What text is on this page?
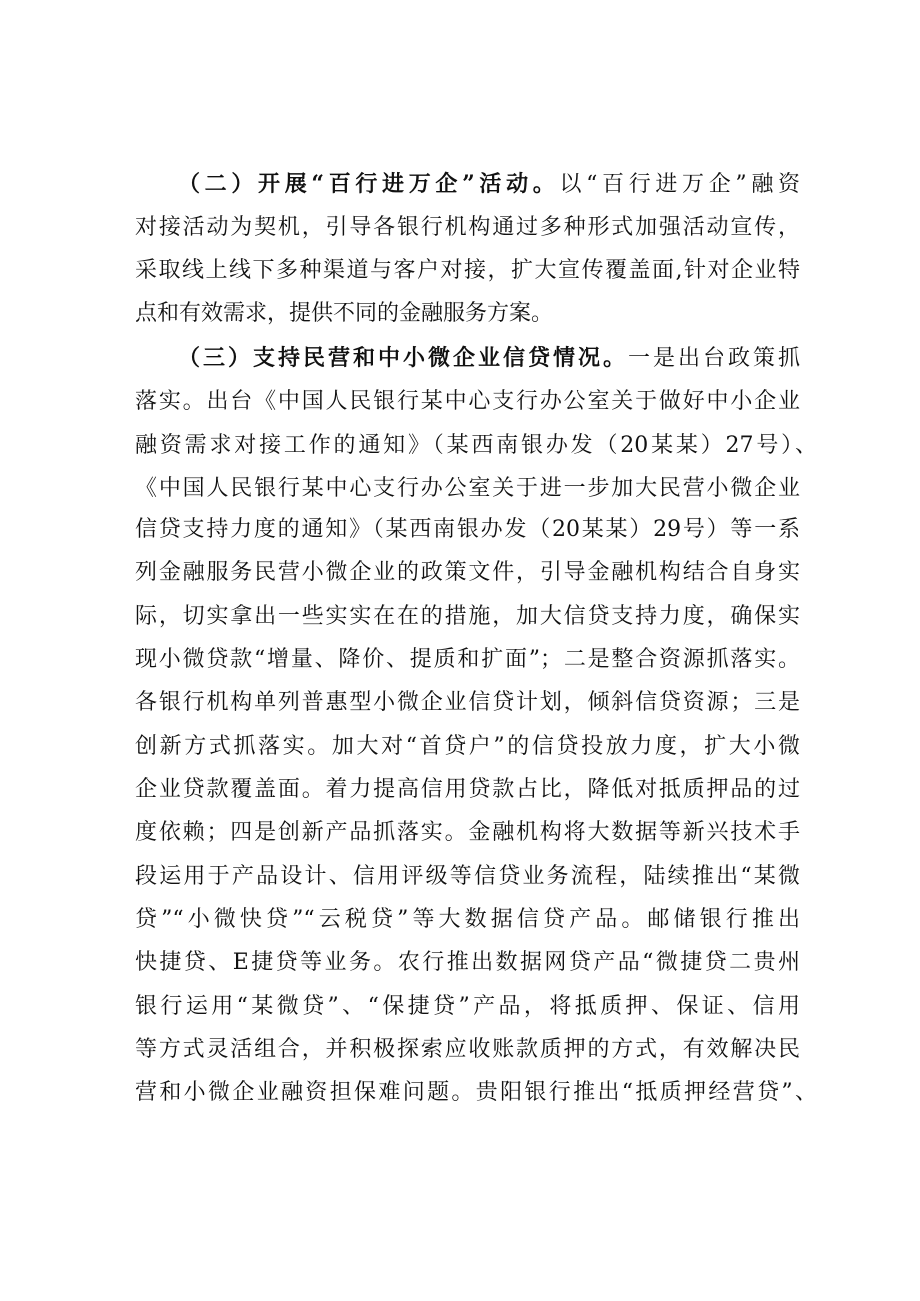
（二）开展“百行进万企”活动。以“百行进万企”融资
对接活动为契机，引导各银行机构通过多种形式加强活动宣传，
采取线上线下多种渠道与客户对接，扩大宣传覆盖面,针对企业特
点和有效需求，提供不同的金融服务方案。
（三）支持民营和中小微企业信贷情况。一是出台政策抓
落实。出台《中国人民银行某中心支行办公室关于做好中小企业
融资需求对接工作的通知》（某西南银办发（20某某）27号）、
《中国人民银行某中心支行办公室关于进一步加大民营小微企业
信贷支持力度的通知》（某西南银办发（20某某）29号）等一系
列金融服务民营小微企业的政策文件，引导金融机构结合自身实
际，切实拿出一些实实在在的措施，加大信贷支持力度，确保实
现小微贷款“增量、降价、提质和扩面”；二是整合资源抓落实。
各银行机构单列普惠型小微企业信贷计划，倾斜信贷资源；三是
创新方式抓落实。加大对“首贷户”的信贷投放力度，扩大小微
企业贷款覆盖面。着力提高信用贷款占比，降低对抵质押品的过
度依赖；四是创新产品抓落实。金融机构将大数据等新兴技术手
段运用于产品设计、信用评级等信贷业务流程，陆续推出“某微
贷”“小微快贷”“云税贷”等大数据信贷产品。邮储银行推出
快捷贷、E捷贷等业务。农行推出数据网贷产品“微捷贷二贵州
银行运用“某微贷”、“保捷贷”产品，将抵质押、保证、信用
等方式灵活组合，并积极探索应收账款质押的方式，有效解决民
营和小微企业融资担保难问题。贵阳银行推出“抵质押经营贷”、
